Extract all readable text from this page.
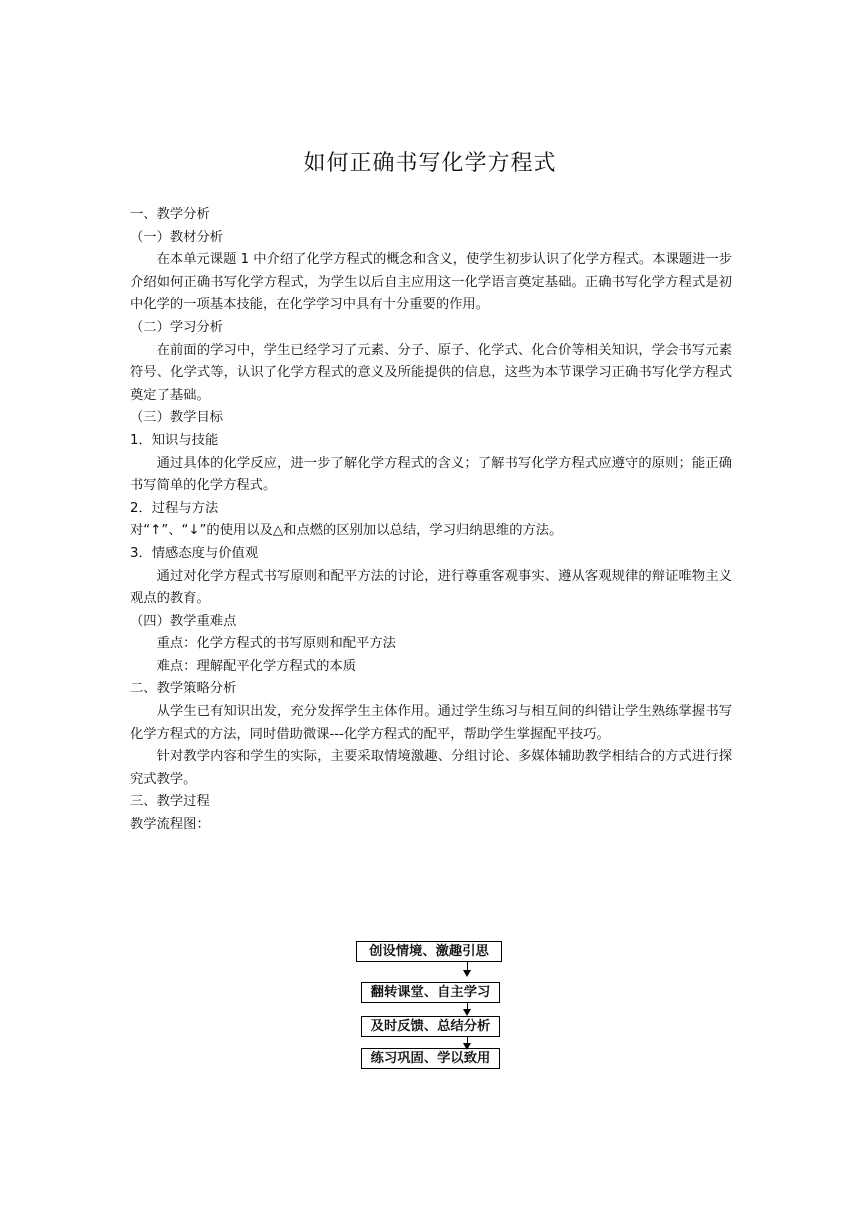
如何正确书写化学方程式

一、教学分析

（一）教材分析

在本单元课题 1 中介绍了化学方程式的概念和含义，使学生初步认识了化学方程式。本课题进一步介绍如何正确书写化学方程式，为学生以后自主应用这一化学语言奠定基础。正确书写化学方程式是初中化学的一项基本技能，在化学学习中具有十分重要的作用。

（二）学习分析

在前面的学习中，学生已经学习了元素、分子、原子、化学式、化合价等相关知识，学会书写元素符号、化学式等，认识了化学方程式的意义及所能提供的信息，这些为本节课学习正确书写化学方程式奠定了基础。

（三）教学目标

1．知识与技能

通过具体的化学反应，进一步了解化学方程式的含义；了解书写化学方程式应遵守的原则；能正确书写简单的化学方程式。

2．过程与方法

对“↑”、“↓”的使用以及△和点燃的区别加以总结，学习归纳思维的方法。

3．情感态度与价值观

通过对化学方程式书写原则和配平方法的讨论，进行尊重客观事实、遵从客观规律的辩证唯物主义观点的教育。

（四）教学重难点

重点：化学方程式的书写原则和配平方法

难点：理解配平化学方程式的本质

二、教学策略分析

从学生已有知识出发，充分发挥学生主体作用。通过学生练习与相互间的纠错让学生熟练掌握书写化学方程式的方法，同时借助微课---化学方程式的配平，帮助学生掌握配平技巧。

针对教学内容和学生的实际，主要采取情境激趣、分组讨论、多媒体辅助教学相结合的方式进行探究式教学。

三、教学过程

教学流程图：

创设情境、激趣引思
翻转课堂、自主学习
及时反馈、总结分析
练习巩固、学以致用
